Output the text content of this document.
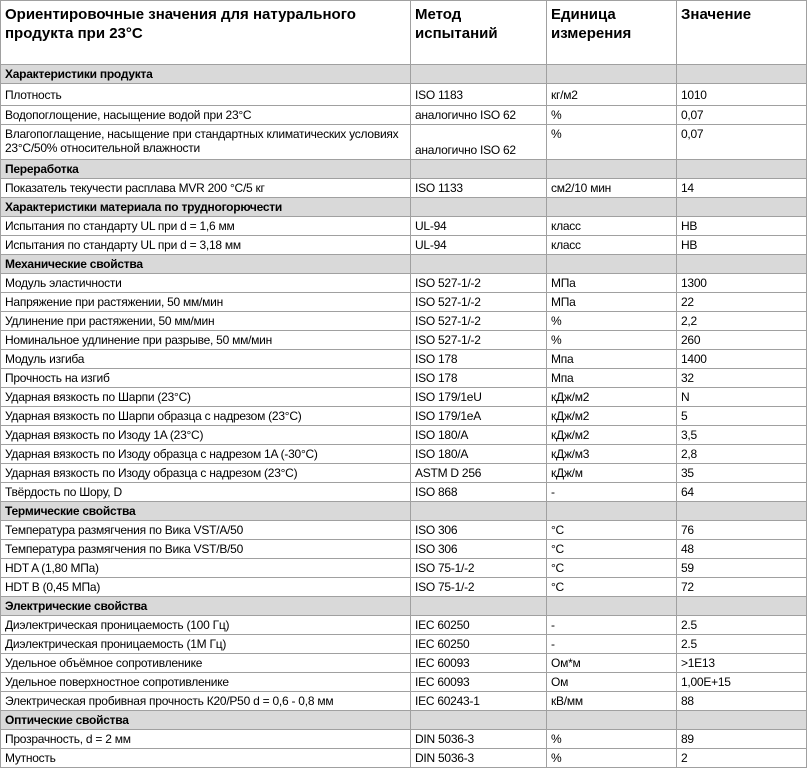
Ориентировочные значения для натурального продукта при 23°C	Метод испытаний	Единица измерения	Значение
Характеристики продукта			
Плотность	ISO 1183	кг/м2	1010
Водопоглощение, насыщение водой при 23°C	аналогично ISO 62	%	0,07
Влагопоглащение, насыщение при стандартных климатических условиях 23°C/50% относительной влажности	аналогично ISO 62	%	0,07
Переработка			
Показатель текучести расплава MVR 200 °C/5 кг	ISO 1133	см2/10 мин	14
Характеристики материала по трудногорючести			
Испытания по стандарту UL при d = 1,6 мм	UL-94	класс	HB
Испытания по стандарту UL при d = 3,18 мм	UL-94	класс	HB
Механические свойства			
Модуль эластичности	ISO 527-1/-2	МПа	1300
Напряжение при растяжении, 50 мм/мин	ISO 527-1/-2	МПа	22
Удлинение при растяжении, 50 мм/мин	ISO 527-1/-2	%	2,2
Номинальное удлинение при разрыве, 50 мм/мин	ISO 527-1/-2	%	260
Модуль изгиба	ISO 178	Мпа	1400
Прочность на изгиб	ISO 178	Мпа	32
Ударная вязкость по Шарпи (23°C)	ISO 179/1eU	кДж/м2	N
Ударная вязкость по Шарпи образца с надрезом (23°C)	ISO 179/1eA	кДж/м2	5
Ударная вязкость по Изоду 1A (23°C)	ISO 180/A	кДж/м2	3,5
Ударная вязкость по Изоду образца с надрезом 1A (-30°C)	ISO 180/A	кДж/м3	2,8
Ударная вязкость по Изоду образца с надрезом (23°C)	ASTM D 256	кДж/м	35
Твёрдость по Шору, D	ISO 868	-	64
Термические свойства			
Температура размягчения по Вика VST/A/50	ISO 306	°C	76
Температура размягчения по Вика VST/B/50	ISO 306	°C	48
HDT A (1,80 МПа)	ISO 75-1/-2	°C	59
HDT B (0,45 МПа)	ISO 75-1/-2	°C	72
Электрические свойства			
Диэлектрическая проницаемость (100 Гц)	IEC 60250	-	2.5
Диэлектрическая проницаемость (1М Гц)	IEC 60250	-	2.5
Удельное объёмное сопротивленике	IEC 60093	Ом*м	>1E13
Удельное поверхностное сопротивленике	IEC 60093	Ом	1,00E+15
Электрическая пробивная прочность К20/Р50 d = 0,6 - 0,8 мм	IEC 60243-1	кВ/мм	88
Оптические свойства			
Прозрачность, d = 2 мм	DIN 5036-3	%	89
Мутность	DIN 5036-3	%	2
